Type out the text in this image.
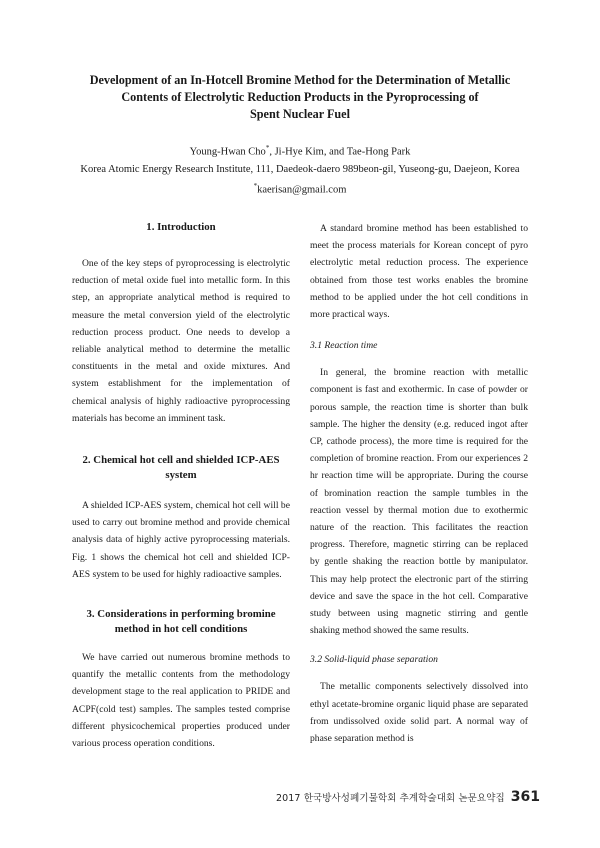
Development of an In-Hotcell Bromine Method for the Determination of Metallic
Contents of Electrolytic Reduction Products in the Pyroprocessing of
Spent Nuclear Fuel
Young-Hwan Cho*, Ji-Hye Kim, and Tae-Hong Park
Korea Atomic Energy Research Institute, 111, Daedeok-daero 989beon-gil, Yuseong-gu, Daejeon, Korea
*kaerisan@gmail.com
1. Introduction

One of the key steps of pyroprocessing is electrolytic reduction of metal oxide fuel into metallic form. In this step, an appropriate analytical method is required to measure the metal conversion yield of the electrolytic reduction process product. One needs to develop a reliable analytical method to determine the metallic constituents in the metal and oxide mixtures. And system establishment for the implementation of chemical analysis of highly radioactive pyroprocessing materials has become an imminent task.

2. Chemical hot cell and shielded ICP-AES
system

A shielded ICP-AES system, chemical hot cell will be used to carry out bromine method and provide chemical analysis data of highly active pyroprocessing materials. Fig. 1 shows the chemical hot cell and shielded ICP-AES system to be used for highly radioactive samples.

3. Considerations in performing bromine
method in hot cell conditions

We have carried out numerous bromine methods to quantify the metallic contents from the methodology development stage to the real application to PRIDE and ACPF(cold test) samples. The samples tested comprise different physicochemical properties produced under various process operation conditions.

A standard bromine method has been established to meet the process materials for Korean concept of pyro electrolytic metal reduction process. The experience obtained from those test works enables the bromine method to be applied under the hot cell conditions in more practical ways.

3.1 Reaction time

In general, the bromine reaction with metallic component is fast and exothermic. In case of powder or porous sample, the reaction time is shorter than bulk sample. The higher the density (e.g. reduced ingot after CP, cathode process), the more time is required for the completion of bromine reaction. From our experiences 2 hr reaction time will be appropriate. During the course of bromination reaction the sample tumbles in the reaction vessel by thermal motion due to exothermic nature of the reaction. This facilitates the reaction progress. Therefore, magnetic stirring can be replaced by gentle shaking the reaction bottle by manipulator. This may help protect the electronic part of the stirring device and save the space in the hot cell. Comparative study between using magnetic stirring and gentle shaking method showed the same results.

3.2 Solid-liquid phase separation

The metallic components selectively dissolved into ethyl acetate-bromine organic liquid phase are separated from undissolved oxide solid part. A normal way of phase separation method is

2017 한국방사성폐기물학회 추계학술대회 논문요약집 361
